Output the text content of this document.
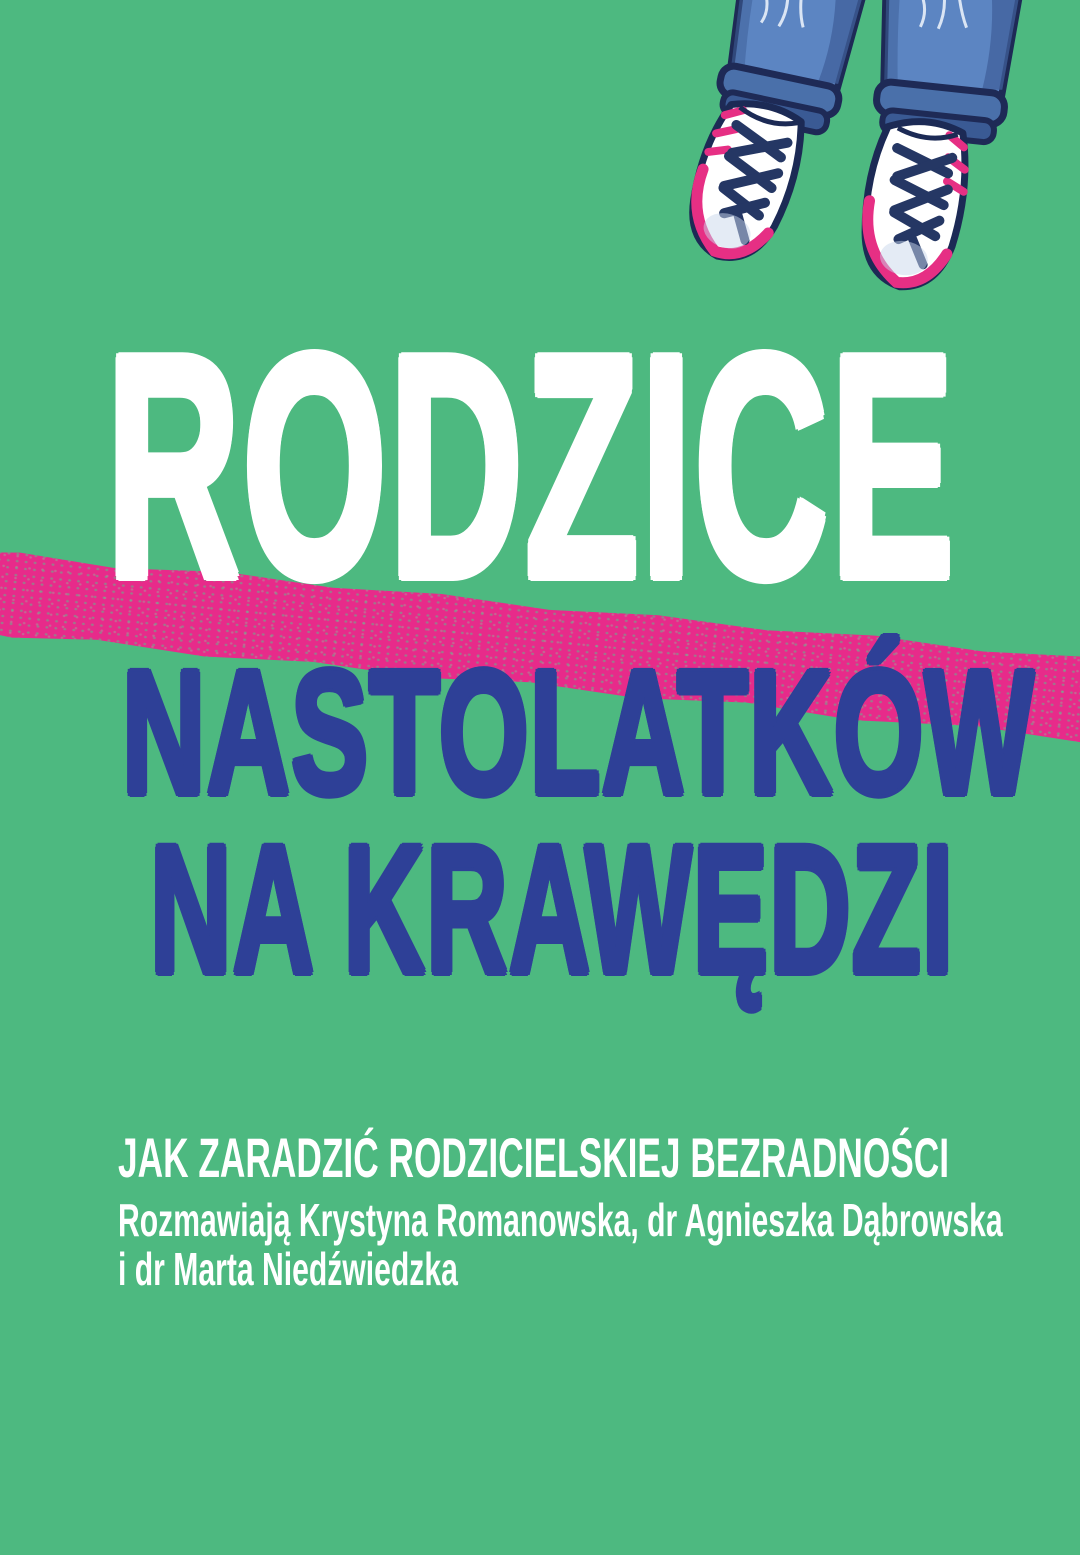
RODZICE
NASTOLATKÓW
NA KRAWĘDZI
JAK ZARADZIĆ RODZICIELSKIEJ BEZRADNOŚCI
Rozmawiają Krystyna Romanowska, dr Agnieszka Dąbrowska
i dr Marta Niedźwiedzka
